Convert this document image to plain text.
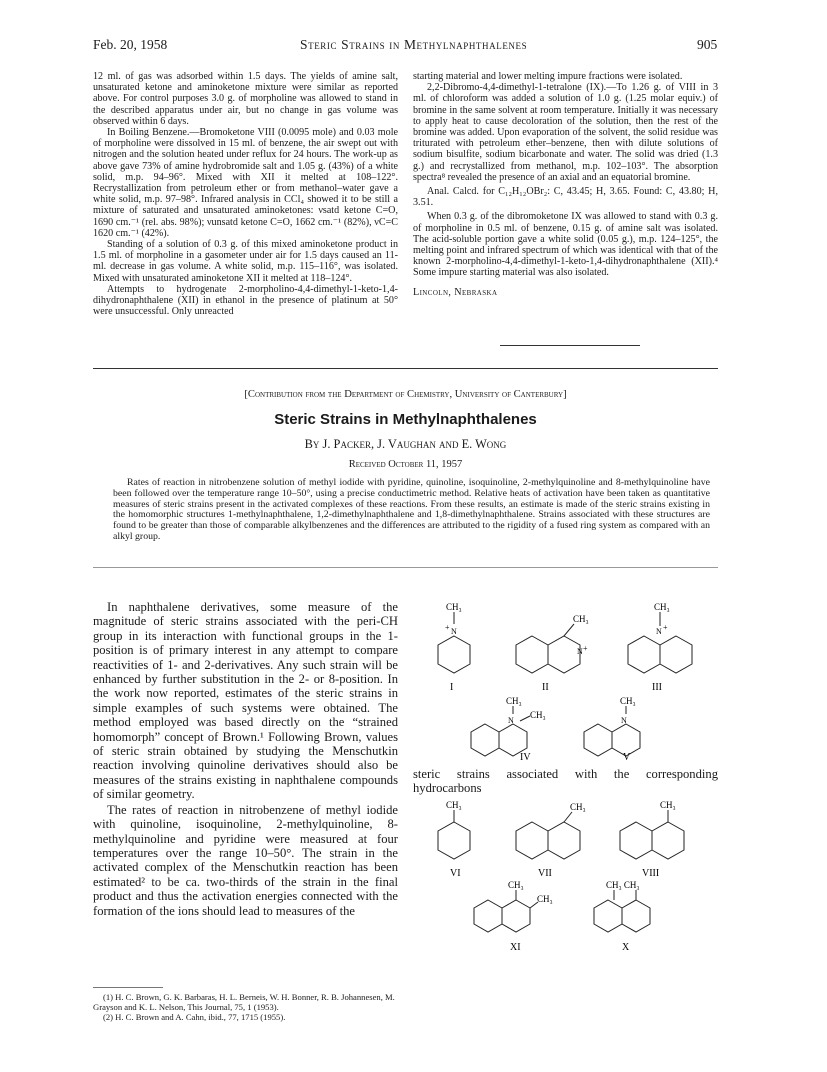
Feb. 20, 1958	Steric Strains in Methylnaphthalenes	905

12 ml. of gas was adsorbed within 1.5 days. The yields of amine salt, unsaturated ketone and aminoketone mixture were similar as reported above. For control purposes 3.0 g. of morpholine was allowed to stand in the described apparatus under air, but no change in gas volume was observed within 6 days.

In Boiling Benzene.—Bromoketone VIII (0.0095 mole) and 0.03 mole of morpholine were dissolved in 15 ml. of benzene, the air swept out with nitrogen and the solution heated under reflux for 24 hours. The work-up as above gave 73% of amine hydrobromide salt and 1.05 g. (43%) of a white solid, m.p. 94–96°. Mixed with XII it melted at 108–122°. Recrystallization from petroleum ether or from methanol–water gave a white solid, m.p. 97–98°. Infrared analysis in CCl₄ showed it to be still a mixture of saturated and unsaturated aminoketones: νsatd ketone C=O, 1690 cm.⁻¹ (rel. abs. 98%); νunsatd ketone C=O, 1662 cm.⁻¹ (82%), νC=C 1620 cm.⁻¹ (42%).

Standing of a solution of 0.3 g. of this mixed aminoketone product in 1.5 ml. of morpholine in a gasometer under air for 1.5 days caused an 11-ml. decrease in gas volume. A white solid, m.p. 115–116°, was isolated. Mixed with unsaturated aminoketone XII it melted at 118–124°.

Attempts to hydrogenate 2-morpholino-4,4-dimethyl-1-keto-1,4-dihydronaphthalene (XII) in ethanol in the presence of platinum at 50° were unsuccessful. Only unreacted

starting material and lower melting impure fractions were isolated.

2,2-Dibromo-4,4-dimethyl-1-tetralone (IX).—To 1.26 g. of VIII in 3 ml. of chloroform was added a solution of 1.0 g. (1.25 molar equiv.) of bromine in the same solvent at room temperature. Initially it was necessary to apply heat to cause decoloration of the solution, then the rest of the bromine was added. Upon evaporation of the solvent, the solid residue was triturated with petroleum ether–benzene, then with dilute solutions of sodium bisulfite, sodium bicarbonate and water. The solid was dried (1.3 g.) and recrystallized from methanol, m.p. 102–103°. The absorption spectra⁸ revealed the presence of an axial and an equatorial bromine.

Anal. Calcd. for C₁₂H₁₂OBr₂: C, 43.45; H, 3.65. Found: C, 43.80; H, 3.51.

When 0.3 g. of the dibromoketone IX was allowed to stand with 0.3 g. of morpholine in 0.5 ml. of benzene, 0.15 g. of amine salt was isolated. The acid-soluble portion gave a white solid (0.05 g.), m.p. 124–125°, the melting point and infrared spectrum of which was identical with that of the known 2-morpholino-4,4-dimethyl-1-keto-1,4-dihydronaphthalene (XII).⁴ Some impure starting material was also isolated.

Lincoln, Nebraska

[Contribution from the Department of Chemistry, University of Canterbury]
Steric Strains in Methylnaphthalenes
By J. Packer, J. Vaughan and E. Wong
Received October 11, 1957
Rates of reaction in nitrobenzene solution of methyl iodide with pyridine, quinoline, isoquinoline, 2-methylquinoline and 8-methylquinoline have been followed over the temperature range 10–50°, using a precise conductimetric method. Relative heats of activation have been taken as quantitative measures of steric strains present in the activated complexes of these reactions. From these results, an estimate is made of the steric strains existing in the homomorphic structures 1-methylnaphthalene, 1,2-dimethylnaphthalene and 1,8-dimethylnaphthalene. Strains associated with these structures are found to be greater than those of comparable alkylbenzenes and the differences are attributed to the rigidity of a fused ring system as compared with an alkyl group.

In naphthalene derivatives, some measure of the magnitude of steric strains associated with the peri-CH group in its interaction with functional groups in the 1-position is of primary interest in any attempt to compare reactivities of 1- and 2-derivatives. Any such strain will be enhanced by further substitution in the 2- or 8-position. In the work now reported, estimates of the steric strains in simple examples of such systems were obtained. The method employed was based directly on the “strained homomorph” concept of Brown.¹ Following Brown, values of steric strain obtained by studying the Menschutkin reaction involving quinoline derivatives should also be measures of the strains existing in naphthalene compounds of similar geometry.

The rates of reaction in nitrobenzene of methyl iodide with quinoline, isoquinoline, 2-methylquinoline, 8-methylquinoline and pyridine were measured at four temperatures over the range 10–50°. The strain in the activated complex of the Menschutkin reaction has been estimated² to be ca. two-thirds of the strain in the final product and thus the activation energies connected with the formation of the ions should lead to measures of the

(1) H. C. Brown, G. K. Barbaras, H. L. Berneis, W. H. Bonner, R. B. Johannesen, M. Grayson and K. L. Nelson, This Journal, 75, 1 (1953).

(2) H. C. Brown and A. Cahn, ibid., 77, 1715 (1955).

CH₃
+ N
I
CH₃
N +
II
CH₃
N +
III
CH₃
N
CH₃
IV
CH₃
N
V
steric strains associated with the corresponding hydrocarbons
CH₃
VI
CH₃
VII
CH₃
VIII
CH₃
CH₃
XI
CH₃ CH₃
X
